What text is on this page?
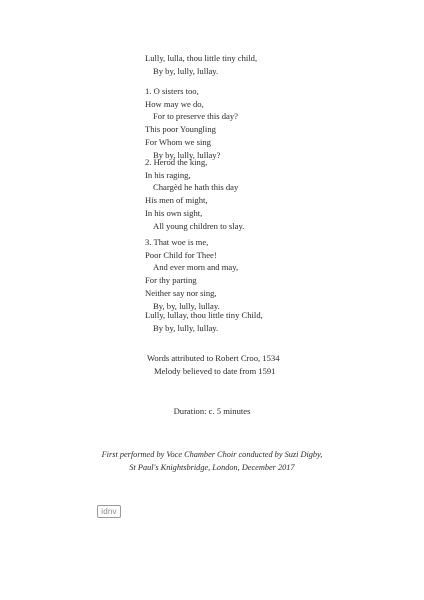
Lully, lulla, thou little tiny child,
By by, lully, lullay.
1. O sisters too,
How may we do,
For to preserve this day?
This poor Youngling
For Whom we sing
By by, lully, lullay?
2. Herod the king,
In his raging,
Chargèd he hath this day
His men of might,
In his own sight,
All young children to slay.
3. That woe is me,
Poor Child for Thee!
And ever morn and may,
For thy parting
Neither say nor sing,
By, by, lully, lullay.
Lully, lullay, thou little tiny Child,
By by, lully, lullay.
Words attributed to Robert Croo, 1534
Melody believed to date from 1591
Duration: c. 5 minutes
First performed by Voce Chamber Choir conducted by Suzi Digby,
St Paul's Knightsbridge, London, December 2017
idnv
